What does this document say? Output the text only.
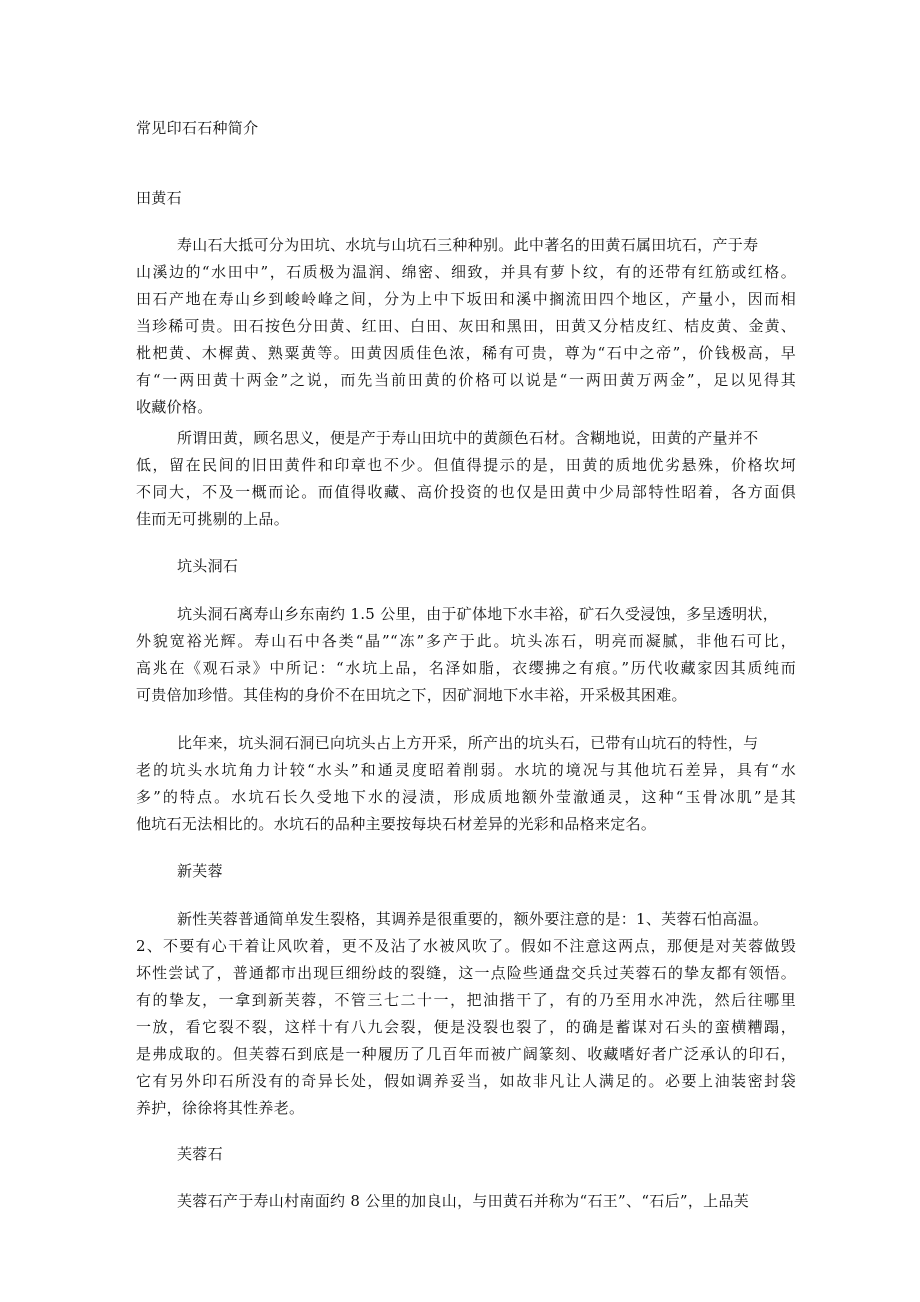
常见印石石种简介
田黄石
寿山石大抵可分为田坑、水坑与山坑石三种种别。此中著名的田黄石属田坑石，产于寿
山溪边的“水田中”，石质极为温润、绵密、细致，并具有萝卜纹，有的还带有红筋或红格。
田石产地在寿山乡到峻岭峰之间，分为上中下坂田和溪中搁流田四个地区，产量小，因而相
当珍稀可贵。田石按色分田黄、红田、白田、灰田和黑田，田黄又分桔皮红、桔皮黄、金黄、
枇杷黄、木樨黄、熟粟黄等。田黄因质佳色浓，稀有可贵，尊为“石中之帝”，价钱极高，早
有“一两田黄十两金”之说，而先当前田黄的价格可以说是“一两田黄万两金”，足以见得其
收藏价格。
所谓田黄，顾名思义，便是产于寿山田坑中的黄颜色石材。含糊地说，田黄的产量并不
低，留在民间的旧田黄件和印章也不少。但值得提示的是，田黄的质地优劣悬殊，价格坎坷
不同大，不及一概而论。而值得收藏、高价投资的也仅是田黄中少局部特性昭着，各方面俱
佳而无可挑剔的上品。
坑头洞石
坑头洞石离寿山乡东南约 1.5 公里，由于矿体地下水丰裕，矿石久受浸蚀，多呈透明状，
外貌宽裕光辉。寿山石中各类“晶”“冻”多产于此。坑头冻石，明亮而凝腻，非他石可比，
高兆在《观石录》中所记：“水坑上品，名泽如脂，衣缨拂之有痕。”历代收藏家因其质纯而
可贵倍加珍惜。其佳构的身价不在田坑之下，因矿洞地下水丰裕，开采极其困难。
比年来，坑头洞石洞已向坑头占上方开采，所产出的坑头石，已带有山坑石的特性，与
老的坑头水坑角力计较“水头”和通灵度昭着削弱。水坑的境况与其他坑石差异，具有“水
多”的特点。水坑石长久受地下水的浸渍，形成质地额外莹澈通灵，这种“玉骨冰肌”是其
他坑石无法相比的。水坑石的品种主要按每块石材差异的光彩和品格来定名。
新芙蓉
新性芙蓉普通简单发生裂格，其调养是很重要的，额外要注意的是：1、芙蓉石怕高温。
2、不要有心干着让风吹着，更不及沾了水被风吹了。假如不注意这两点，那便是对芙蓉做毁
坏性尝试了，普通都市出现巨细纷歧的裂缝，这一点险些通盘交兵过芙蓉石的挚友都有领悟。
有的挚友，一拿到新芙蓉，不管三七二十一，把油揩干了，有的乃至用水冲洗，然后往哪里
一放，看它裂不裂，这样十有八九会裂，便是没裂也裂了，的确是蓄谋对石头的蛮横糟蹋，
是弗成取的。但芙蓉石到底是一种履历了几百年而被广阔篆刻、收藏嗜好者广泛承认的印石，
它有另外印石所没有的奇异长处，假如调养妥当，如故非凡让人满足的。必要上油装密封袋
养护，徐徐将其性养老。
芙蓉石
芙蓉石产于寿山村南面约 8 公里的加良山，与田黄石并称为“石王”、“石后”，上品芙
